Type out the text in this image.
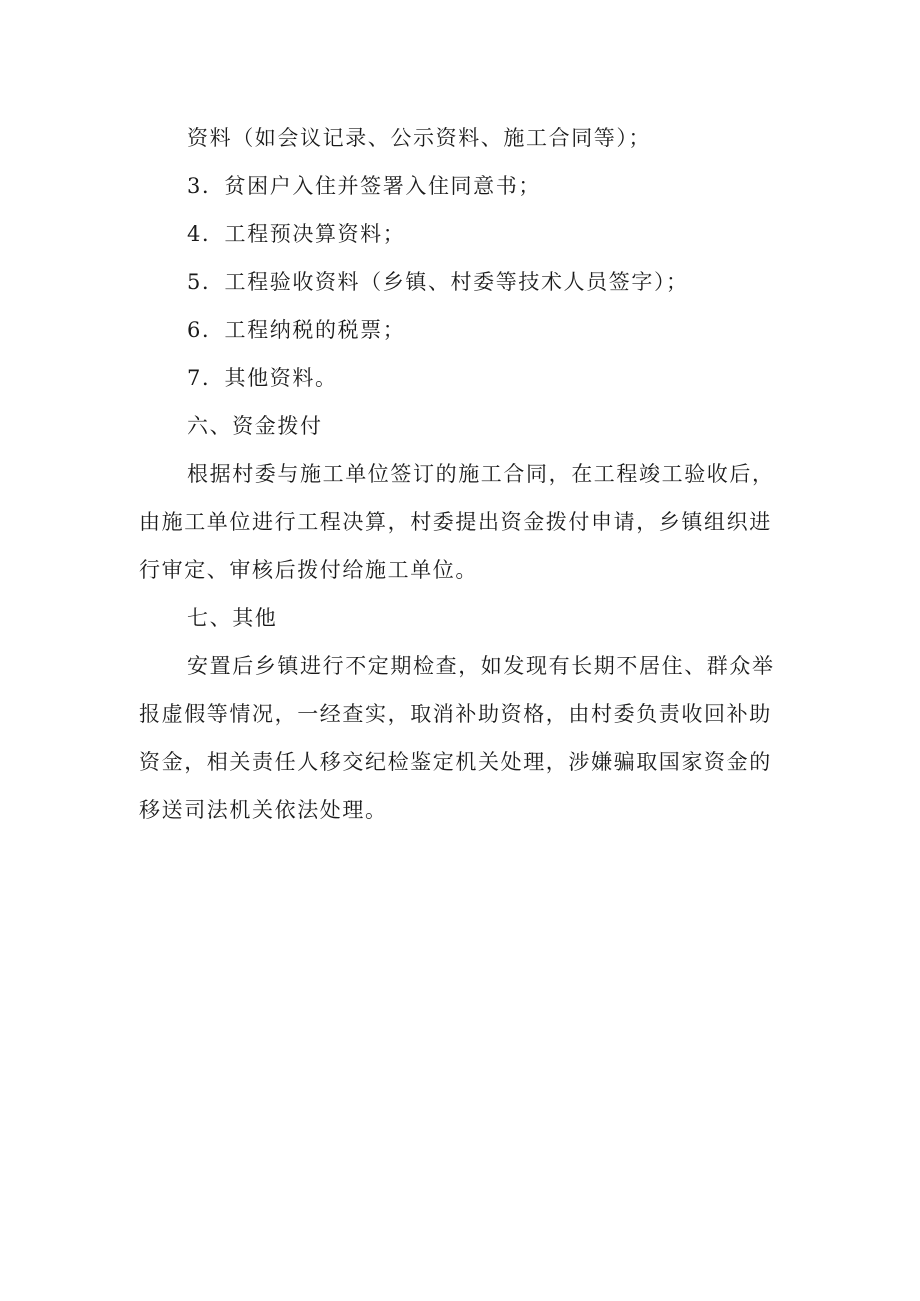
资料（如会议记录、公示资料、施工合同等）；
3．贫困户入住并签署入住同意书；
4．工程预决算资料；
5．工程验收资料（乡镇、村委等技术人员签字）；
6．工程纳税的税票；
7．其他资料。
六、资金拨付
根据村委与施工单位签订的施工合同，在工程竣工验收后，
由施工单位进行工程决算，村委提出资金拨付申请，乡镇组织进
行审定、审核后拨付给施工单位。
七、其他
安置后乡镇进行不定期检查，如发现有长期不居住、群众举
报虚假等情况，一经查实，取消补助资格，由村委负责收回补助
资金，相关责任人移交纪检鉴定机关处理，涉嫌骗取国家资金的
移送司法机关依法处理。
